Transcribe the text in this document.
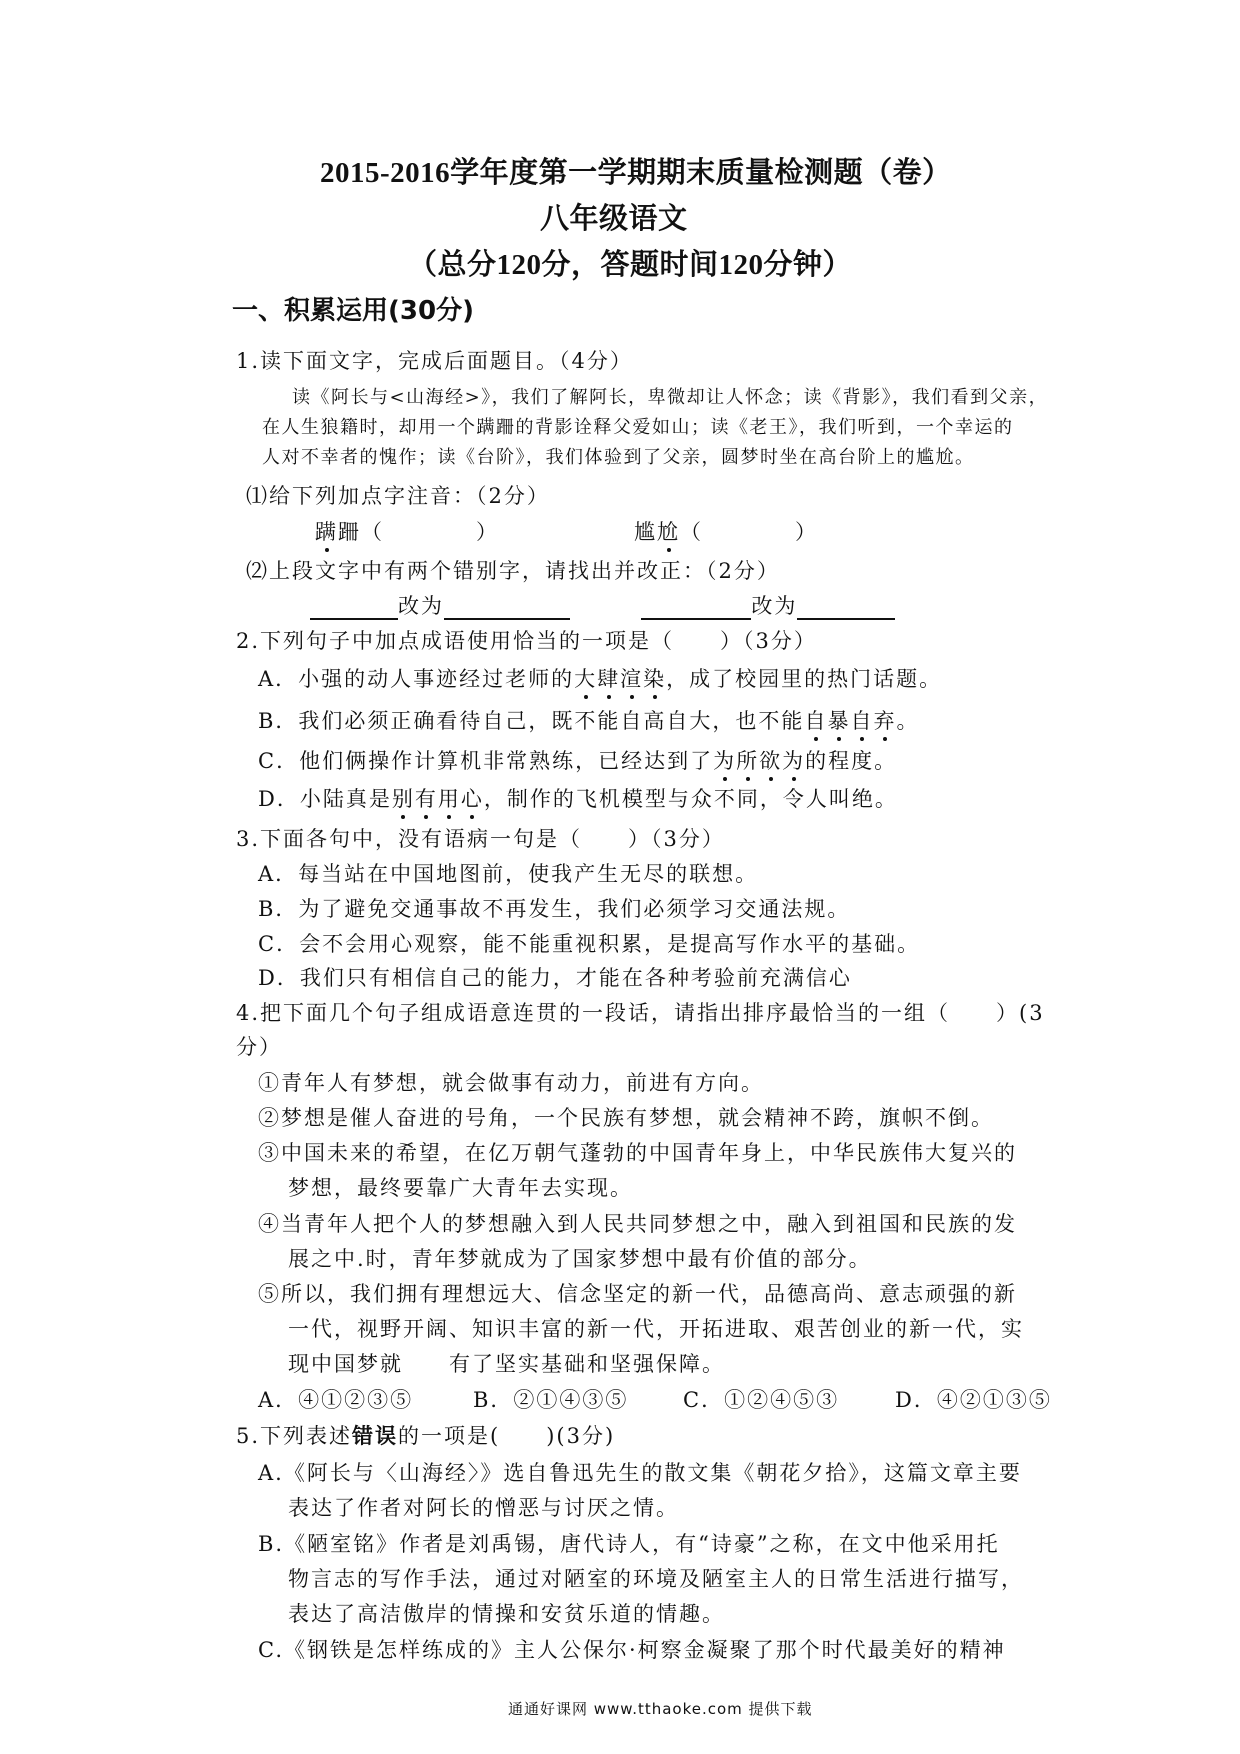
2015-2016学年度第一学期期末质量检测题（卷）
八年级语文
（总分120分，答题时间120分钟）
一、积累运用(30分)
1.读下面文字，完成后面题目。（4分）
读《阿长与<山海经>》，我们了解阿长，卑微却让人怀念；读《背影》，我们看到父亲，
在人生狼籍时，却用一个蹒跚的背影诠释父爱如山；读《老王》，我们听到，一个幸运的
人对不幸者的愧作；读《台阶》，我们体验到了父亲，圆梦时坐在高台阶上的尴尬。
⑴给下列加点字注音：（2分）
蹒跚（　　　　）	尴尬（　　　　）
⑵上段文字中有两个错别字，请找出并改正：（2分）
改为	改为
2.下列句子中加点成语使用恰当的一项是（　　）（3分）
A．小强的动人事迹经过老师的大肆渲染，成了校园里的热门话题。
B．我们必须正确看待自己，既不能自高自大，也不能自暴自弃。
C．他们俩操作计算机非常熟练，已经达到了为所欲为的程度。
D．小陆真是别有用心，制作的飞机模型与众不同，令人叫绝。
3.下面各句中，没有语病一句是（　　）（3分）
A．每当站在中国地图前，使我产生无尽的联想。
B．为了避免交通事故不再发生，我们必须学习交通法规。
C．会不会用心观察，能不能重视积累，是提高写作水平的基础。
D．我们只有相信自己的能力，才能在各种考验前充满信心
4.把下面几个句子组成语意连贯的一段话，请指出排序最恰当的一组（　　）(3
分）
①青年人有梦想，就会做事有动力，前进有方向。
②梦想是催人奋进的号角，一个民族有梦想，就会精神不跨，旗帜不倒。
③中国未来的希望，在亿万朝气蓬勃的中国青年身上，中华民族伟大复兴的
梦想，最终要靠广大青年去实现。
④当青年人把个人的梦想融入到人民共同梦想之中，融入到祖国和民族的发
展之中.时，青年梦就成为了国家梦想中最有价值的部分。
⑤所以，我们拥有理想远大、信念坚定的新一代，品德高尚、意志顽强的新
一代，视野开阔、知识丰富的新一代，开拓进取、艰苦创业的新一代，实
现中国梦就　　有了坚实基础和坚强保障。
A．④①②③⑤	B．②①④③⑤	C．①②④⑤③	D．④②①③⑤
5.下列表述错误的一项是(　　)(3分)
A.《阿长与〈山海经〉》选自鲁迅先生的散文集《朝花夕拾》，这篇文章主要
表达了作者对阿长的憎恶与讨厌之情。
B.《陋室铭》作者是刘禹锡，唐代诗人，有“诗豪”之称，在文中他采用托
物言志的写作手法，通过对陋室的环境及陋室主人的日常生活进行描写，
表达了高洁傲岸的情操和安贫乐道的情趣。
C.《钢铁是怎样练成的》主人公保尔·柯察金凝聚了那个时代最美好的精神
通通好课网 www.tthaoke.com 提供下载
